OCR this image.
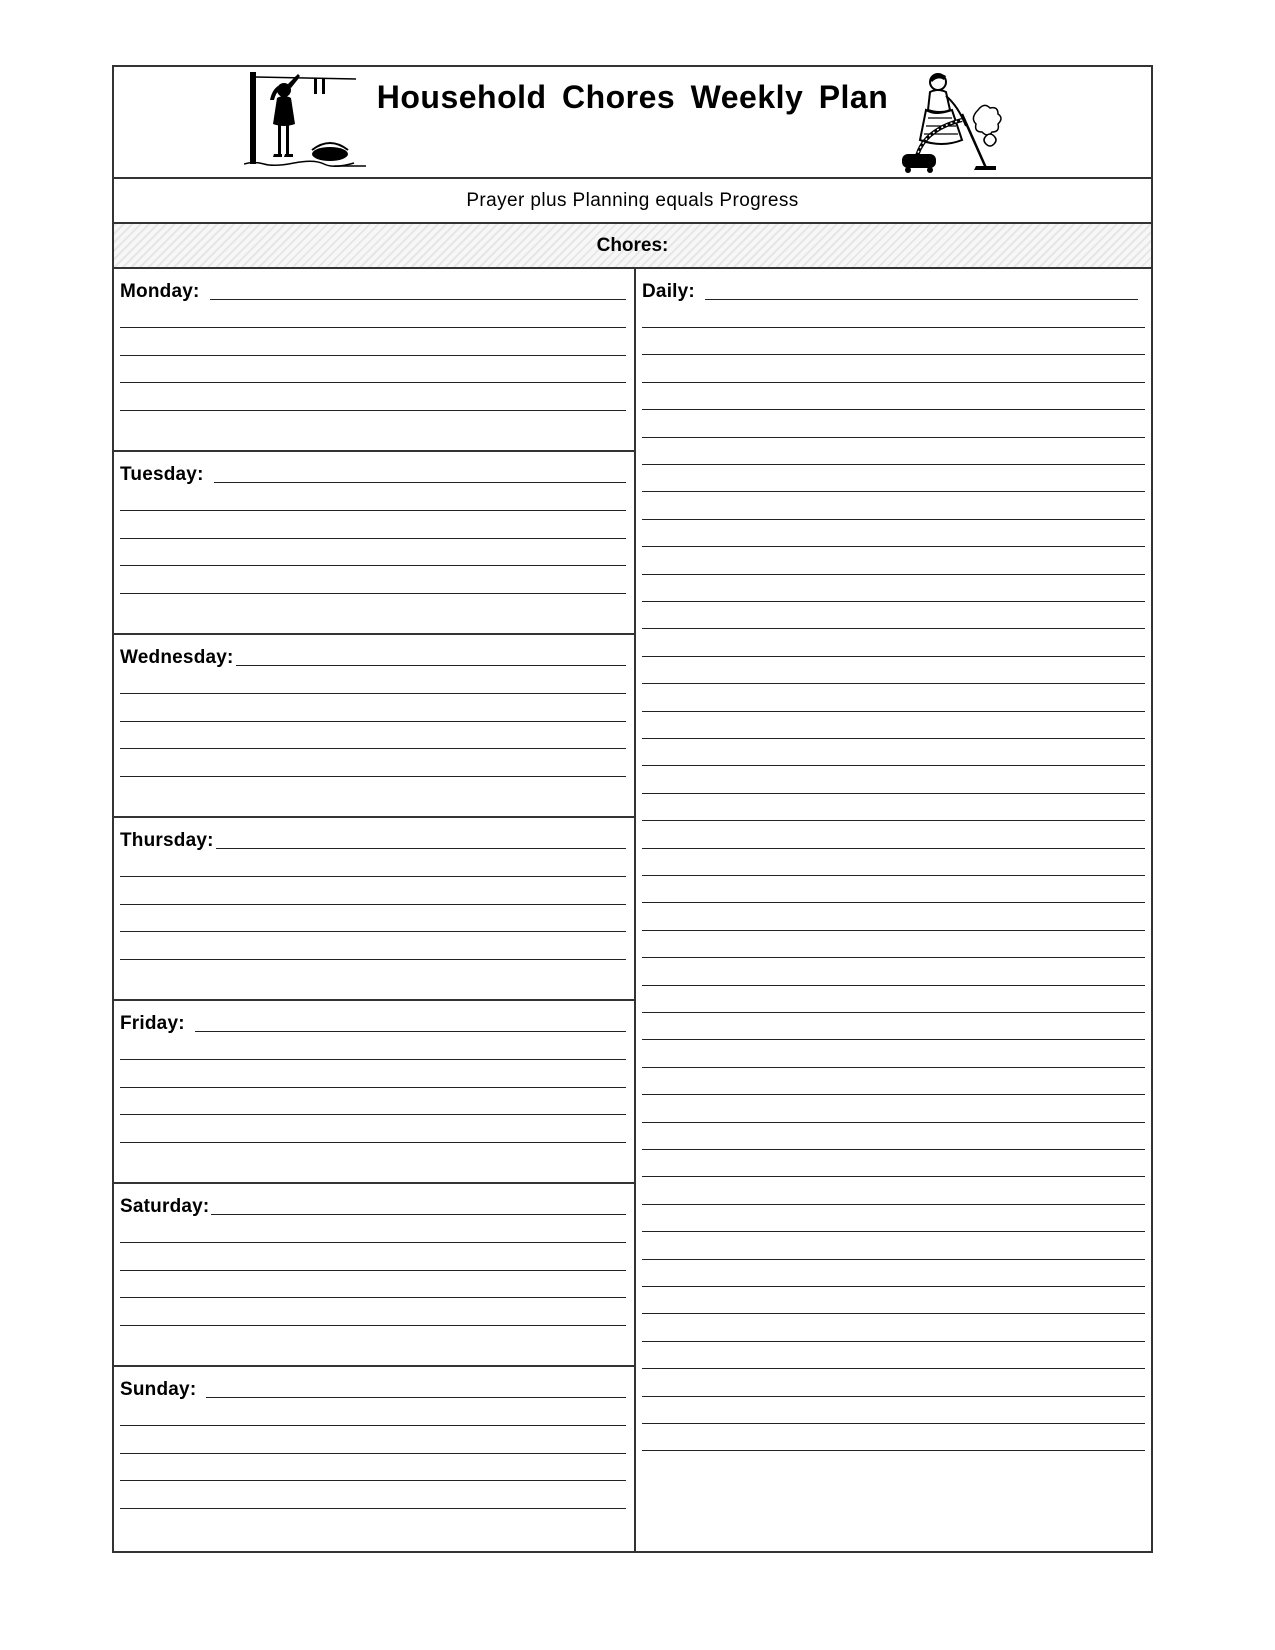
Household Chores Weekly Plan
Prayer plus Planning equals Progress
Chores:
Monday:
Tuesday:
Wednesday:
Thursday:
Friday:
Saturday:
Sunday:
Daily:
